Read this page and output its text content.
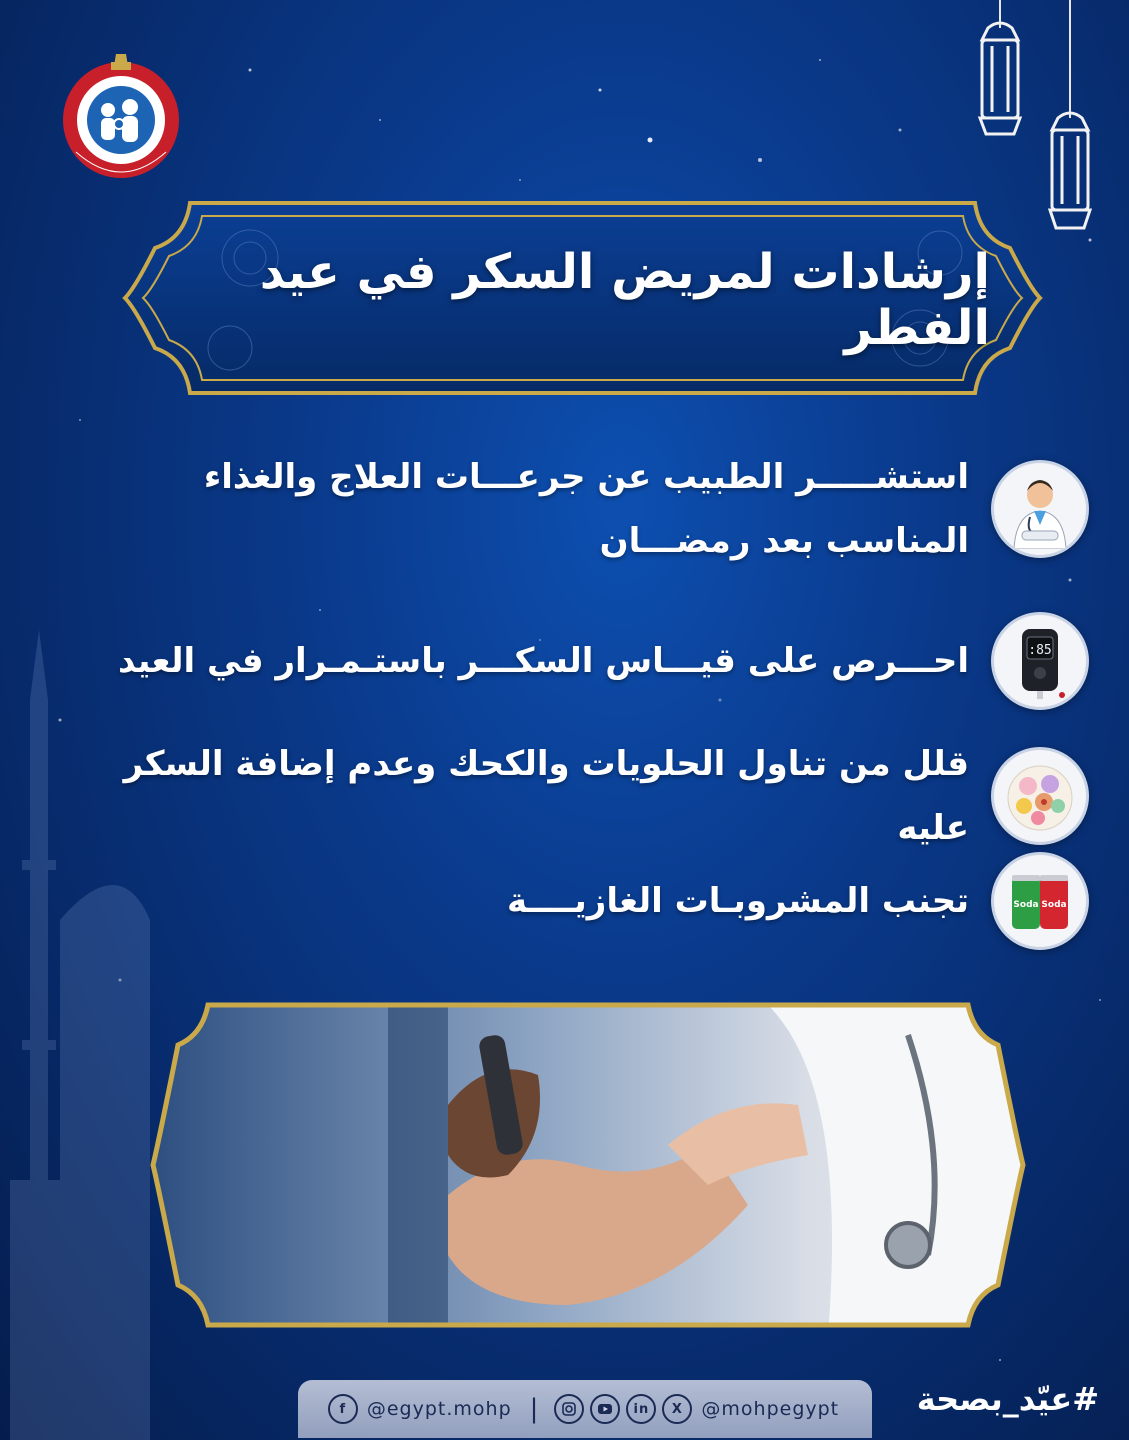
إرشادات لمريض السكر في عيد الفطر
استشـــــر الطبيب عن جرعـــات العلاج والغذاء المناسب بعد رمضـــان
:85
احـــرص على قيـــاس السكـــر باستـمـرار في العيد
قلل من تناول الحلويات والكحك وعدم إضافة السكر عليه
Soda Soda
تجنب المشروبـات الغازيــــة
f	@egypt.mohp |	in	X @mohpegypt #عيّد_بصحة
